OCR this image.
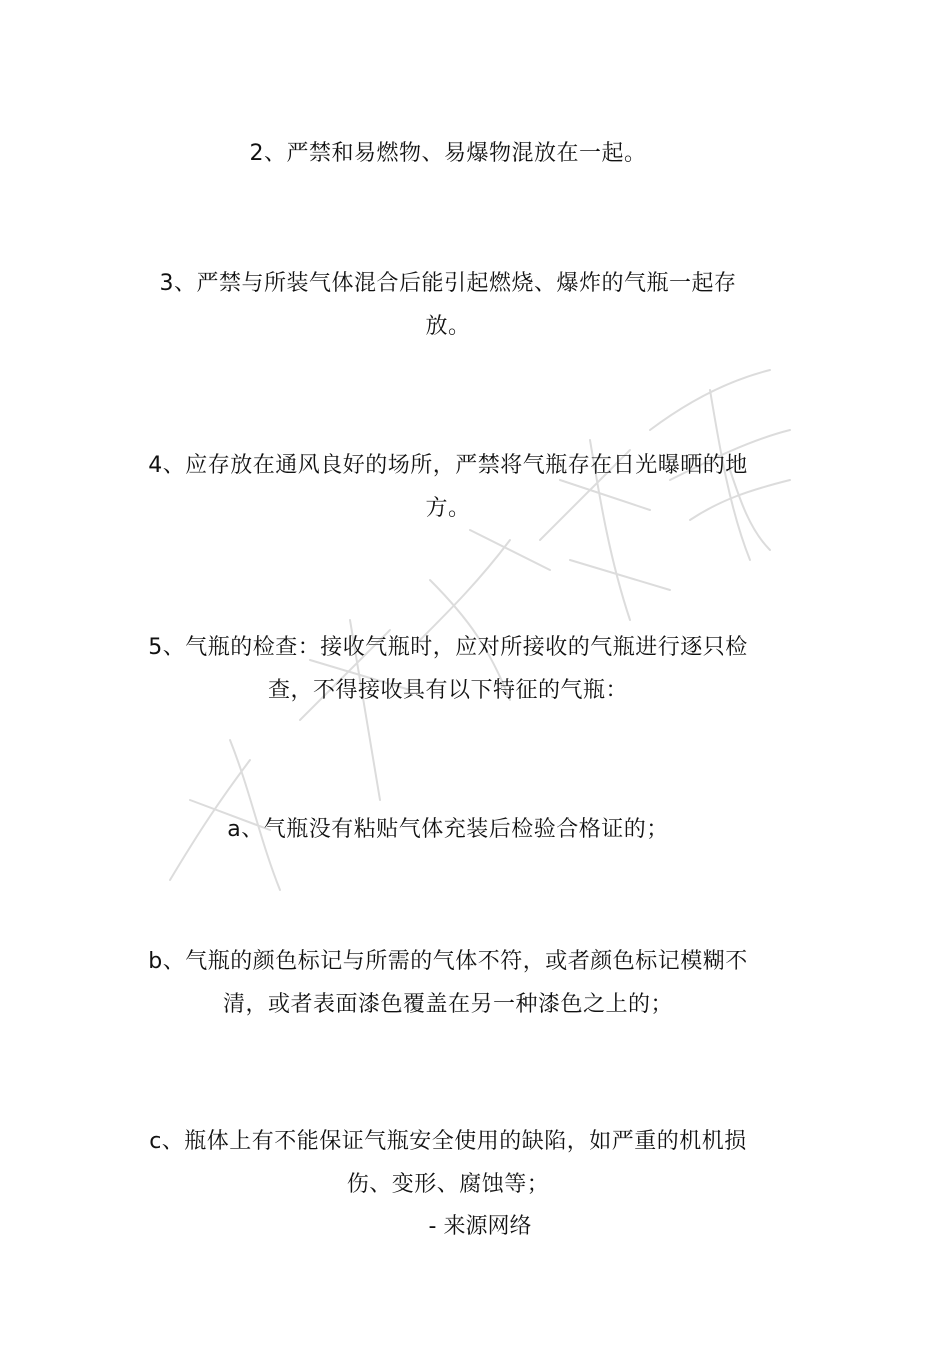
2、严禁和易燃物、易爆物混放在一起。
3、严禁与所装气体混合后能引起燃烧、爆炸的气瓶一起存放。
4、应存放在通风良好的场所，严禁将气瓶存在日光曝晒的地方。
5、气瓶的检查：接收气瓶时，应对所接收的气瓶进行逐只检查，不得接收具有以下特征的气瓶：
a、气瓶没有粘贴气体充装后检验合格证的；
b、气瓶的颜色标记与所需的气体不符，或者颜色标记模糊不清，或者表面漆色覆盖在另一种漆色之上的；
c、瓶体上有不能保证气瓶安全使用的缺陷，如严重的机机损伤、变形、腐蚀等；
- 来源网络
